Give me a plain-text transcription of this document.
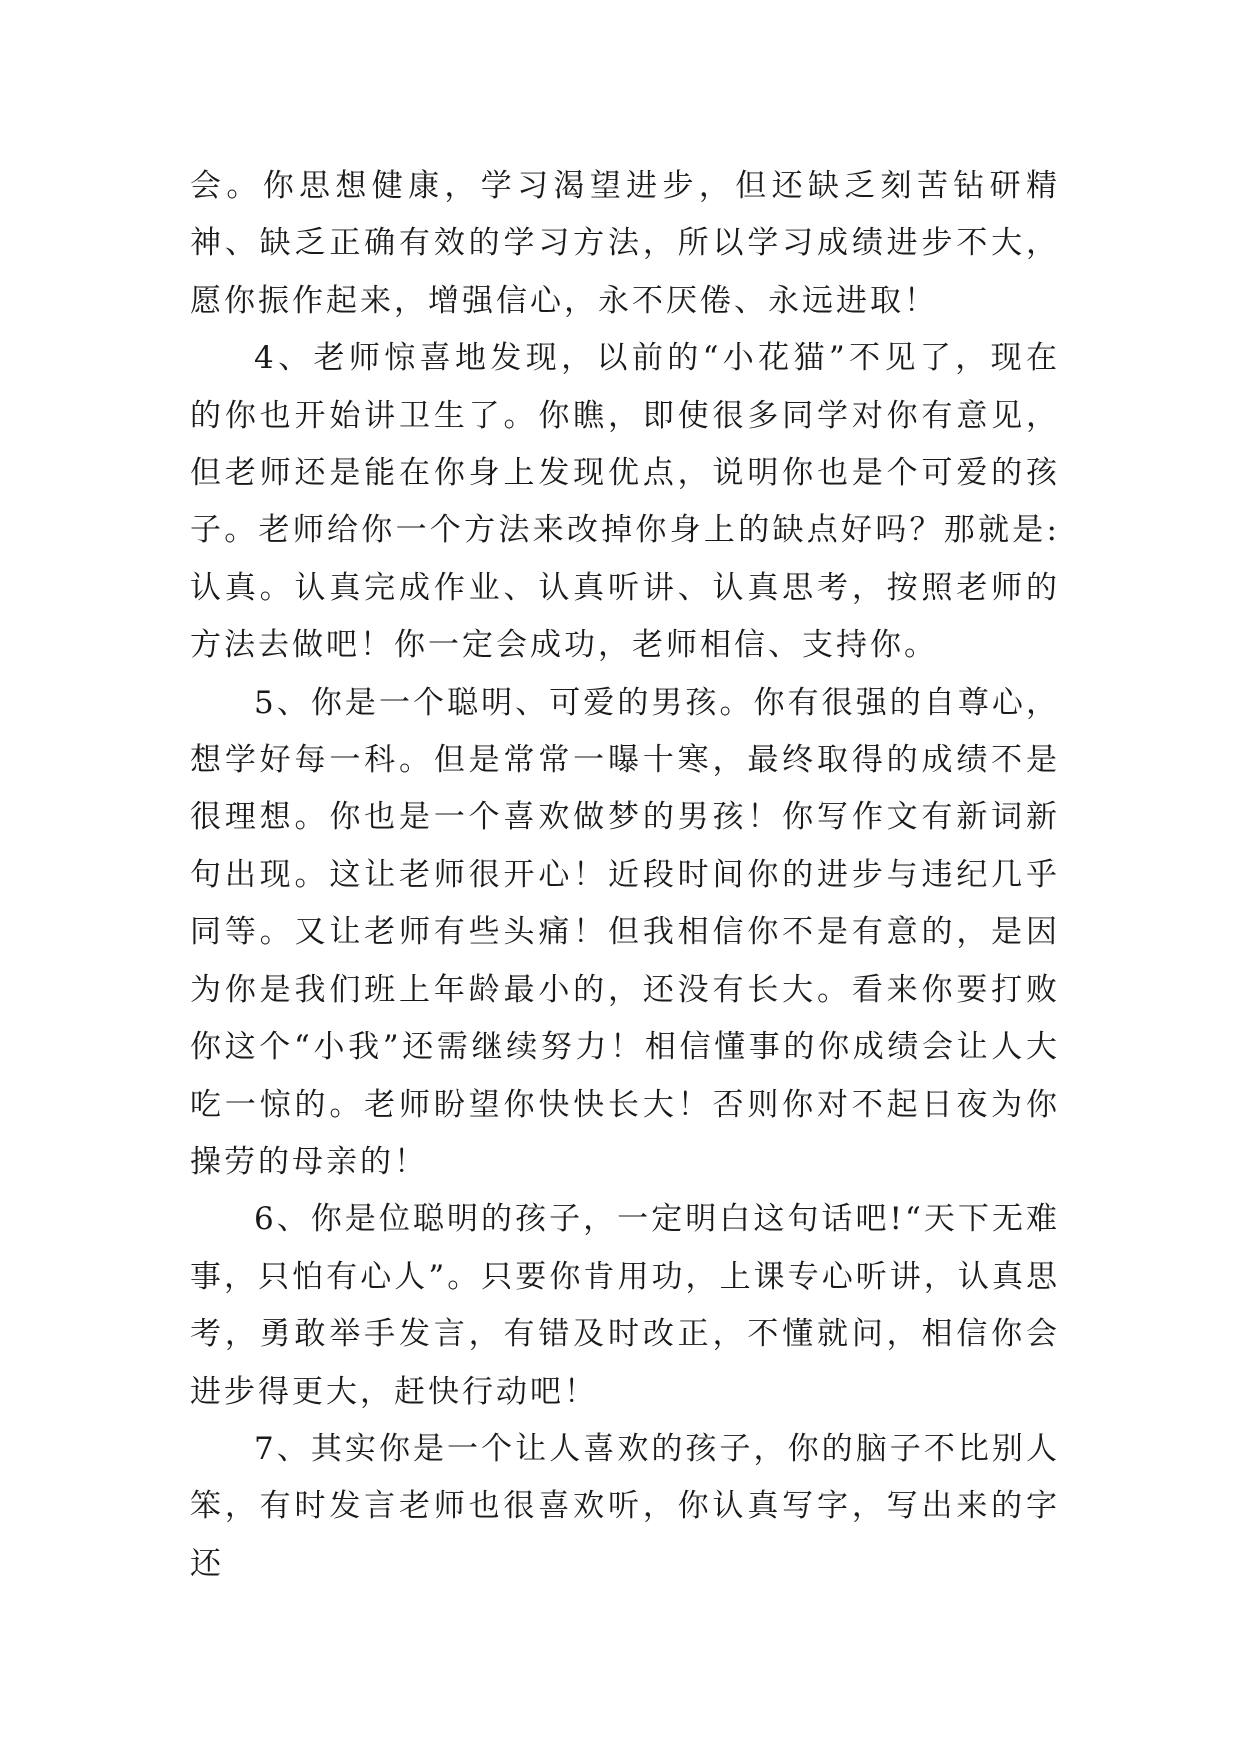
会。你思想健康，学习渴望进步，但还缺乏刻苦钻研精神、缺乏正确有效的学习方法，所以学习成绩进步不大，愿你振作起来，增强信心，永不厌倦、永远进取！

4、老师惊喜地发现，以前的“小花猫”不见了，现在的你也开始讲卫生了。你瞧，即使很多同学对你有意见，但老师还是能在你身上发现优点，说明你也是个可爱的孩子。老师给你一个方法来改掉你身上的缺点好吗？那就是:认真。认真完成作业、认真听讲、认真思考，按照老师的方法去做吧！你一定会成功，老师相信、支持你。

5、你是一个聪明、可爱的男孩。你有很强的自尊心，想学好每一科。但是常常一曝十寒，最终取得的成绩不是很理想。你也是一个喜欢做梦的男孩！你写作文有新词新句出现。这让老师很开心！近段时间你的进步与违纪几乎同等。又让老师有些头痛！但我相信你不是有意的，是因为你是我们班上年龄最小的，还没有长大。看来你要打败你这个“小我”还需继续努力！相信懂事的你成绩会让人大吃一惊的。老师盼望你快快长大！否则你对不起日夜为你操劳的母亲的！

6、你是位聪明的孩子，一定明白这句话吧!“天下无难事，只怕有心人”。只要你肯用功，上课专心听讲，认真思考，勇敢举手发言，有错及时改正，不懂就问，相信你会进步得更大，赶快行动吧！

7、其实你是一个让人喜欢的孩子，你的脑子不比别人笨，有时发言老师也很喜欢听，你认真写字，写出来的字还
